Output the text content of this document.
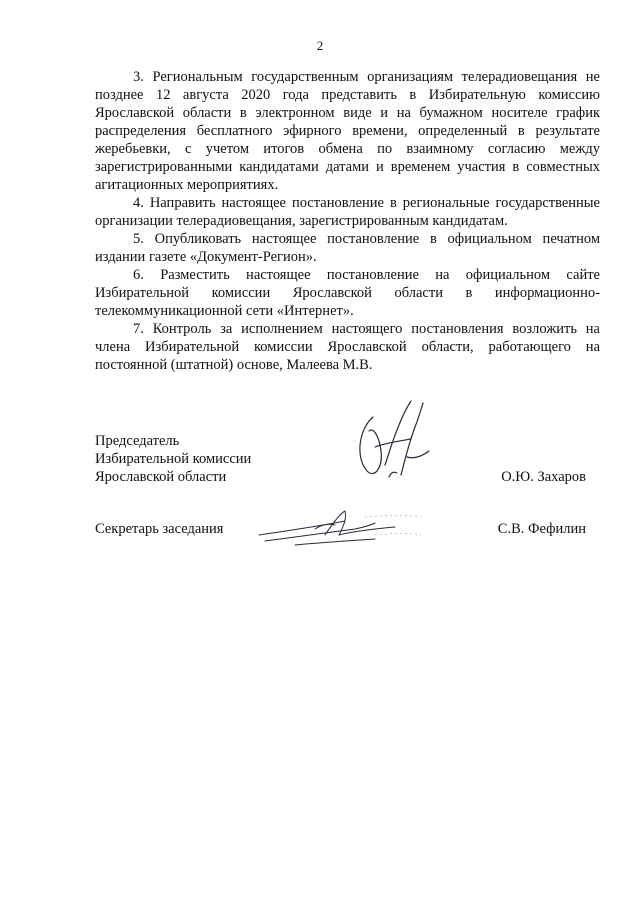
2

3. Региональным государственным организациям телерадиовещания не позднее 12 августа 2020 года представить в Избирательную комиссию Ярославской области в электронном виде и на бумажном носителе график распределения бесплатного эфирного времени, определенный в результате жеребьевки, с учетом итогов обмена по взаимному согласию между зарегистрированными кандидатами датами и временем участия в совместных агитационных мероприятиях.

4. Направить настоящее постановление в региональные государственные организации телерадиовещания, зарегистрированным кандидатам.

5. Опубликовать настоящее постановление в официальном печатном издании газете «Документ-Регион».

6. Разместить настоящее постановление на официальном сайте Избирательной комиссии Ярославской области в информационно-телекоммуникационной сети «Интернет».

7. Контроль за исполнением настоящего постановления возложить на члена Избирательной комиссии Ярославской области, работающего на постоянной (штатной) основе, Малеева М.В.

Председатель
Избирательной комиссии
Ярославской области	О.Ю. Захаров
Секретарь заседания	С.В. Фефилин
